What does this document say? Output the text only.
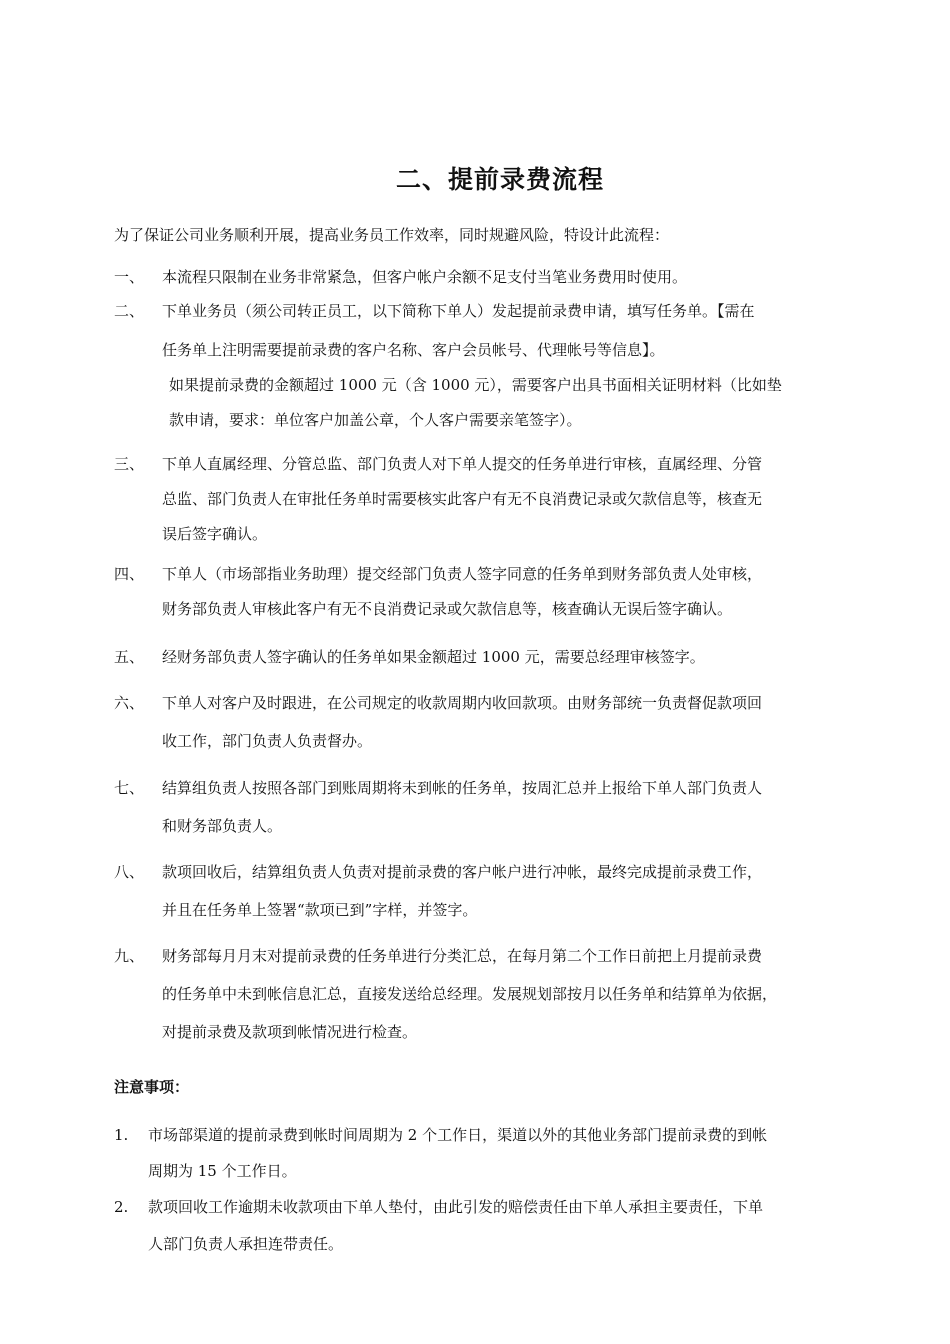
二、提前录费流程
为了保证公司业务顺利开展，提高业务员工作效率，同时规避风险，特设计此流程：
一、 本流程只限制在业务非常紧急，但客户帐户余额不足支付当笔业务费用时使用。
二、 下单业务员（须公司转正员工，以下简称下单人）发起提前录费申请，填写任务单。【需在
任务单上注明需要提前录费的客户名称、客户会员帐号、代理帐号等信息】。
如果提前录费的金额超过 1000 元（含 1000 元），需要客户出具书面相关证明材料（比如垫
款申请，要求：单位客户加盖公章，个人客户需要亲笔签字）。
三、 下单人直属经理、分管总监、部门负责人对下单人提交的任务单进行审核，直属经理、分管
总监、部门负责人在审批任务单时需要核实此客户有无不良消费记录或欠款信息等，核查无
误后签字确认。
四、 下单人（市场部指业务助理）提交经部门负责人签字同意的任务单到财务部负责人处审核，
财务部负责人审核此客户有无不良消费记录或欠款信息等，核查确认无误后签字确认。
五、 经财务部负责人签字确认的任务单如果金额超过 1000 元，需要总经理审核签字。
六、 下单人对客户及时跟进，在公司规定的收款周期内收回款项。由财务部统一负责督促款项回
收工作，部门负责人负责督办。
七、 结算组负责人按照各部门到账周期将未到帐的任务单，按周汇总并上报给下单人部门负责人
和财务部负责人。
八、 款项回收后，结算组负责人负责对提前录费的客户帐户进行冲帐，最终完成提前录费工作，
并且在任务单上签署“款项已到”字样，并签字。
九、 财务部每月月末对提前录费的任务单进行分类汇总，在每月第二个工作日前把上月提前录费
的任务单中未到帐信息汇总，直接发送给总经理。发展规划部按月以任务单和结算单为依据，
对提前录费及款项到帐情况进行检查。
注意事项：
1. 市场部渠道的提前录费到帐时间周期为 2 个工作日，渠道以外的其他业务部门提前录费的到帐
周期为 15 个工作日。
2. 款项回收工作逾期未收款项由下单人垫付，由此引发的赔偿责任由下单人承担主要责任，下单
人部门负责人承担连带责任。
